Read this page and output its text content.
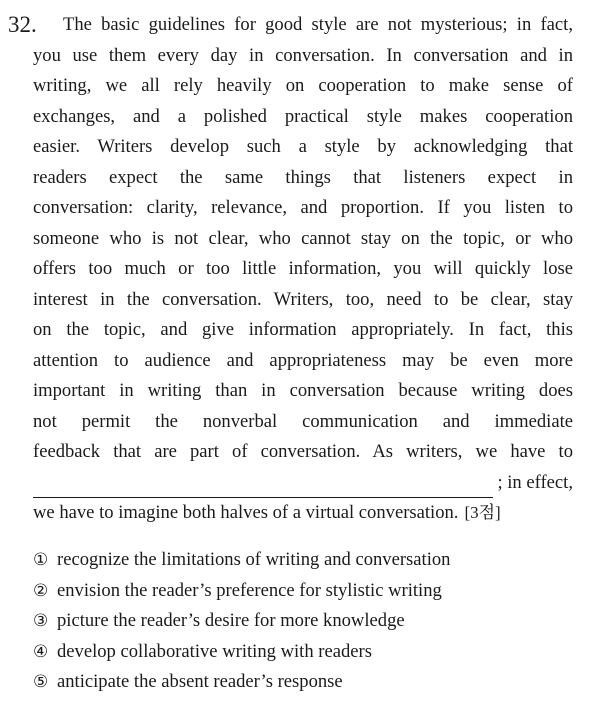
32. The basic guidelines for good style are not mysterious; in fact,
you use them every day in conversation. In conversation and in
writing, we all rely heavily on cooperation to make sense of
exchanges, and a polished practical style makes cooperation
easier. Writers develop such a style by acknowledging that
readers expect the same things that listeners expect in
conversation: clarity, relevance, and proportion. If you listen to
someone who is not clear, who cannot stay on the topic, or who
offers too much or too little information, you will quickly lose
interest in the conversation. Writers, too, need to be clear, stay
on the topic, and give information appropriately. In fact, this
attention to audience and appropriateness may be even more
important in writing than in conversation because writing does
not permit the nonverbal communication and immediate
feedback that are part of conversation. As writers, we have to
; in effect,
we have to imagine both halves of a virtual conversation. [3점]
① recognize the limitations of writing and conversation
② envision the reader’s preference for stylistic writing
③ picture the reader’s desire for more knowledge
④ develop collaborative writing with readers
⑤ anticipate the absent reader’s response
